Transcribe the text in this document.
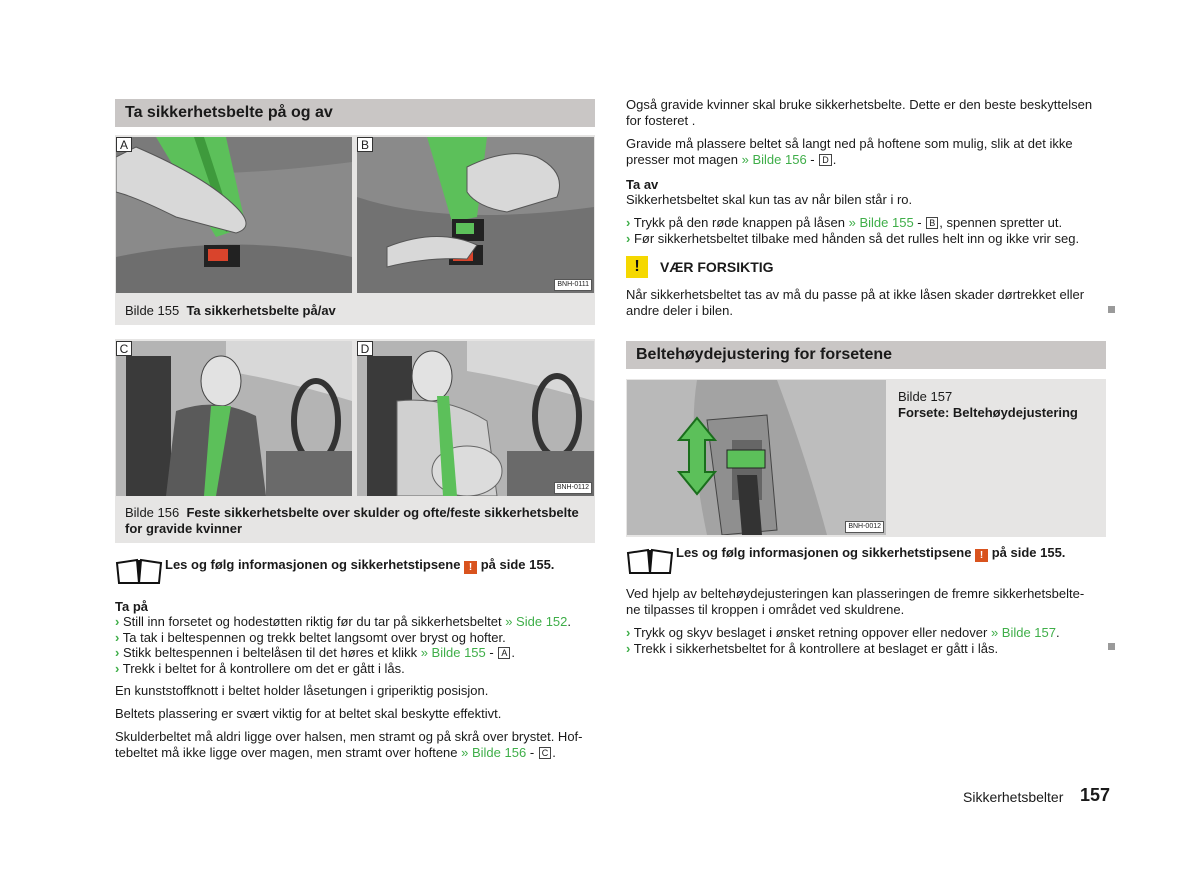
Ta sikkerhetsbelte på og av
A	B
BNH-0111
Bilde 155 Ta sikkerhetsbelte på/av
C	D
BNH-0112
Bilde 156 Feste sikkerhetsbelte over skulder og ofte/feste sikkerhetsbelte for gravide kvinner
Les og følg informasjonen og sikkerhetstipsene ! på side 155.
Ta på
› Still inn forsetet og hodestøtten riktig før du tar på sikkerhetsbeltet » Side 152.
› Ta tak i beltespennen og trekk beltet langsomt over bryst og hofter.
› Stikk beltespennen i beltelåsen til det høres et klikk » Bilde 155 - A .
› Trekk i beltet for å kontrollere om det er gått i lås.
En kunststoffknott i beltet holder låsetungen i griperiktig posisjon.
Beltets plassering er svært viktig for at beltet skal beskytte effektivt.
Skulderbeltet må aldri ligge over halsen, men stramt og på skrå over brystet. Hof-
tebeltet må ikke ligge over magen, men stramt over hoftene » Bilde 156 - C .
Også gravide kvinner skal bruke sikkerhetsbelte. Dette er den beste beskyttelsen for fosteret .
Gravide må plassere beltet så langt ned på hoftene som mulig, slik at det ikke presser mot magen » Bilde 156 - D .
Ta av
Sikkerhetsbeltet skal kun tas av når bilen står i ro.
› Trykk på den røde knappen på låsen » Bilde 155 - B , spennen spretter ut.
› Før sikkerhetsbeltet tilbake med hånden så det rulles helt inn og ikke vrir seg.
!	VÆR FORSIKTIG
Når sikkerhetsbeltet tas av må du passe på at ikke låsen skader dørtrekket eller andre deler i bilen.
Beltehøydejustering for forsetene
BNH-0012
Bilde 157
Forsete: Beltehøydejustering
Les og følg informasjonen og sikkerhetstipsene ! på side 155.
Ved hjelp av beltehøydejusteringen kan plasseringen de fremre sikkerhetsbelte-
ne tilpasses til kroppen i området ved skuldrene.
› Trykk og skyv beslaget i ønsket retning oppover eller nedover » Bilde 157.
› Trekk i sikkerhetsbeltet for å kontrollere at beslaget er gått i lås.
Sikkerhetsbelter 157
